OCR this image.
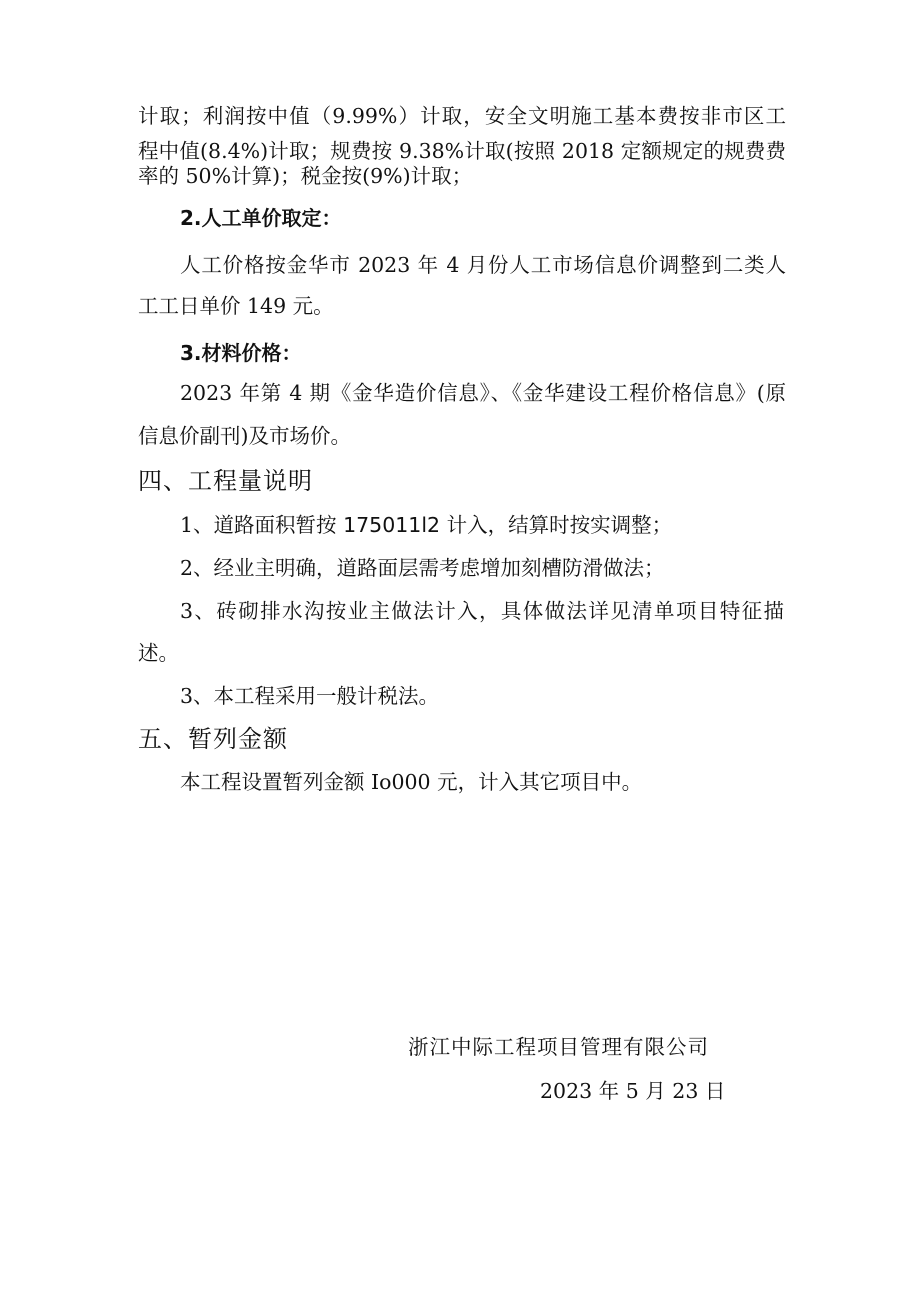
计取；利润按中值（9.99%）计取，安全文明施工基本费按非市区工

程中值(8.4%)计取；规费按 9.38%计取(按照 2018 定额规定的规费费

率的 50%计算)；税金按(9%)计取；

2.人工单价取定：

人工价格按金华市 2023 年 4 月份人工市场信息价调整到二类人

工工日单价 149 元。

3.材料价格：

2023 年第 4 期《金华造价信息》、《金华建设工程价格信息》(原

信息价副刊)及市场价。

四、工程量说明

1、道路面积暂按 175011l2 计入，结算时按实调整；

2、经业主明确，道路面层需考虑增加刻槽防滑做法；

3、砖砌排水沟按业主做法计入，具体做法详见清单项目特征描

述。

3、本工程采用一般计税法。

五、暂列金额

本工程设置暂列金额 Io000 元，计入其它项目中。

浙江中际工程项目管理有限公司

2023 年 5 月 23 日
